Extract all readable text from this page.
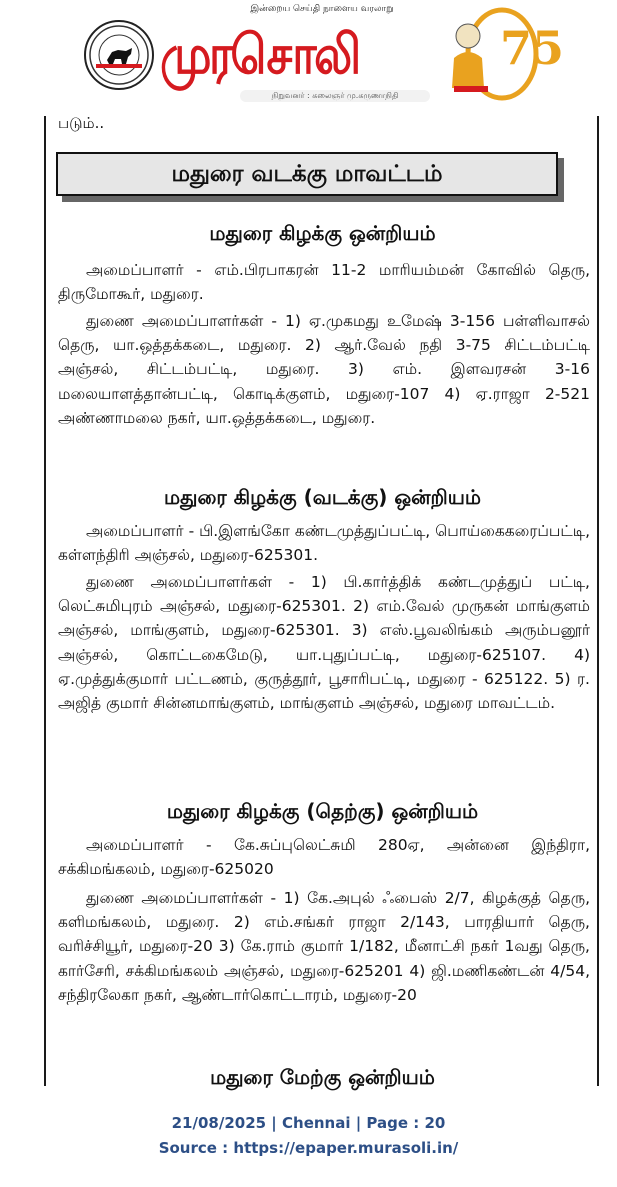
இன்றைய செய்தி நாளைய வரலாறு
முரசொலி
நிறுவனர் : கலைஞர் மு.கருணாநிதி
75
படும்..
மதுரை வடக்கு மாவட்டம்
மதுரை கிழக்கு ஒன்றியம்

அமைப்பாளர் - எம்.பிரபாகரன் 11-2 மாரியம்மன் கோவில் தெரு, திருமோகூர், மதுரை.

துணை அமைப்பாளர்கள் - 1) ஏ.முகமது உமேஷ் 3-156 பள்ளிவாசல் தெரு, யா.ஒத்தக்கடை, மதுரை. 2) ஆர்.வேல் நதி 3-75 சிட்டம்பட்டி அஞ்சல், சிட்டம்பட்டி, மதுரை. 3) எம். இளவரசன் 3-16 மலையாளத்தான்பட்டி, கொடிக்குளம், மதுரை-107 4) ஏ.ராஜா 2-521 அண்ணாமலை நகர், யா.ஒத்தக்கடை, மதுரை.

மதுரை கிழக்கு (வடக்கு) ஒன்றியம்

அமைப்பாளர் - பி.இளங்கோ கண்டமுத்துப்பட்டி, பொய்கைகரைப்பட்டி, கள்ளந்திரி அஞ்சல், மதுரை-625301.

துணை அமைப்பாளர்கள் - 1) பி.கார்த்திக் கண்டமுத்துப் பட்டி, லெட்சுமிபுரம் அஞ்சல், மதுரை-625301. 2) எம்.வேல் முருகன் மாங்குளம் அஞ்சல், மாங்குளம், மதுரை-625301. 3) எஸ்.பூவலிங்கம் அரும்பனூர் அஞ்சல், கொட்டகைமேடு, யா.புதுப்பட்டி, மதுரை-625107. 4) ஏ.முத்துக்குமார் பட்டணம், குருத்தூர், பூசாரிபட்டி, மதுரை - 625122. 5) ர. அஜித் குமார் சின்னமாங்குளம், மாங்குளம் அஞ்சல், மதுரை மாவட்டம்.

மதுரை கிழக்கு (தெற்கு) ஒன்றியம்

அமைப்பாளர் - கே.சுப்புலெட்சுமி 280ஏ, அன்னை இந்திரா, சக்கிமங்கலம், மதுரை-625020

துணை அமைப்பாளர்கள் - 1) கே.அபுல் ஃபைஸ் 2/7, கிழக்குத் தெரு, களிமங்கலம், மதுரை. 2) எம்.சங்கர் ராஜா 2/143, பாரதியார் தெரு, வரிச்சியூர், மதுரை-20 3) கே.ராம் குமார் 1/182, மீனாட்சி நகர் 1வது தெரு, கார்சேரி, சக்கிமங்கலம் அஞ்சல், மதுரை-625201 4) ஜி.மணிகண்டன் 4/54, சந்திரலேகா நகர், ஆண்டார்கொட்டாரம், மதுரை-20

மதுரை மேற்கு ஒன்றியம்
21/08/2025 | Chennai | Page : 20
Source : https://epaper.murasoli.in/
